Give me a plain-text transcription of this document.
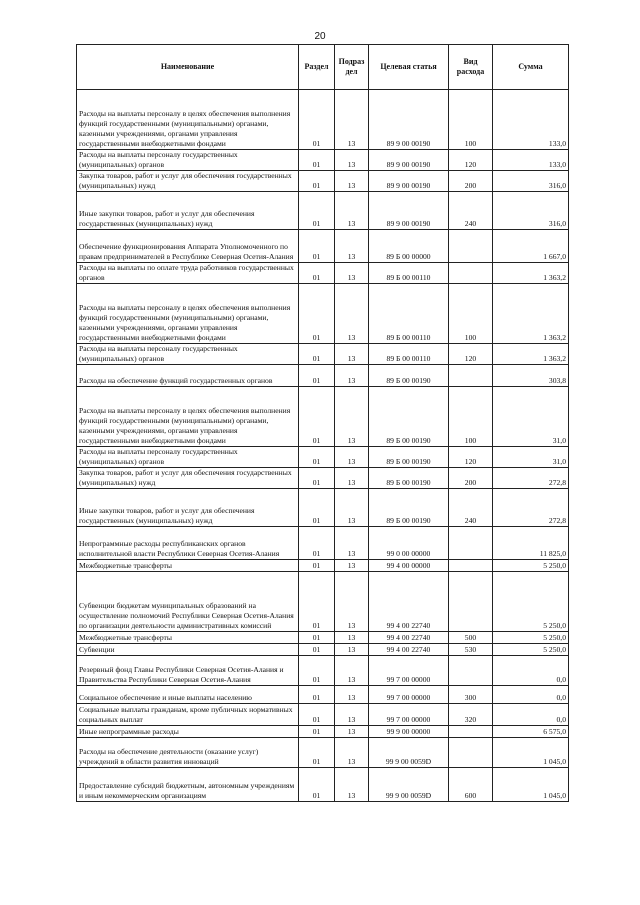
20
Наименование	Раздел	Подраз дел	Целевая статья	Вид расхода	Сумма
Расходы на выплаты персоналу в целях обеспечения выполнения функций государственными (муниципальными) органами, казенными учреждениями, органами управления государственными внебюджетными фондами	01	13	89 9 00 00190	100	133,0
Расходы на выплаты персоналу государственных (муниципальных) органов	01	13	89 9 00 00190	120	133,0
Закупка товаров, работ и услуг для обеспечения государственных (муниципальных) нужд	01	13	89 9 00 00190	200	316,0
Иные закупки товаров, работ и услуг для обеспечения государственных (муниципальных) нужд	01	13	89 9 00 00190	240	316,0
Обеспечение функционирования Аппарата Уполномоченного по правам предпринимателей в Республике Северная Осетия-Алания	01	13	89 Б 00 00000		1 667,0
Расходы на выплаты по оплате труда работников государственных органов	01	13	89 Б 00 00110		1 363,2
Расходы на выплаты персоналу в целях обеспечения выполнения функций государственными (муниципальными) органами, казенными учреждениями, органами управления государственными внебюджетными фондами	01	13	89 Б 00 00110	100	1 363,2
Расходы на выплаты персоналу государственных (муниципальных) органов	01	13	89 Б 00 00110	120	1 363,2
Расходы на обеспечение функций государственных органов	01	13	89 Б 00 00190		303,8
Расходы на выплаты персоналу в целях обеспечения выполнения функций государственными (муниципальными) органами, казенными учреждениями, органами управления государственными внебюджетными фондами	01	13	89 Б 00 00190	100	31,0
Расходы на выплаты персоналу государственных (муниципальных) органов	01	13	89 Б 00 00190	120	31,0
Закупка товаров, работ и услуг для обеспечения государственных (муниципальных) нужд	01	13	89 Б 00 00190	200	272,8
Иные закупки товаров, работ и услуг для обеспечения государственных (муниципальных) нужд	01	13	89 Б 00 00190	240	272,8
Непрограммные расходы республиканских органов исполнительной власти Республики Северная Осетия-Алания	01	13	99 0 00 00000		11 825,0
Межбюджетные трансферты	01	13	99 4 00 00000		5 250,0
Субвенции бюджетам муниципальных образований на осуществление полномочий Республики Северная Осетия-Алания по организации деятельности административных комиссий	01	13	99 4 00 22740		5 250,0
Межбюджетные трансферты	01	13	99 4 00 22740	500	5 250,0
Субвенции	01	13	99 4 00 22740	530	5 250,0
Резервный фонд Главы Республики Северная Осетия-Алания и Правительства Республики Северная Осетия-Алания	01	13	99 7 00 00000		0,0
Социальное обеспечение и иные выплаты населению	01	13	99 7 00 00000	300	0,0
Социальные выплаты гражданам, кроме публичных нормативных социальных выплат	01	13	99 7 00 00000	320	0,0
Иные непрограммные расходы	01	13	99 9 00 00000		6 575,0
Расходы на обеспечение деятельности (оказание услуг) учреждений в области развития инноваций	01	13	99 9 00 0059D		1 045,0
Предоставление субсидий бюджетным, автономным учреждениям и иным некоммерческим организациям	01	13	99 9 00 0059D	600	1 045,0
